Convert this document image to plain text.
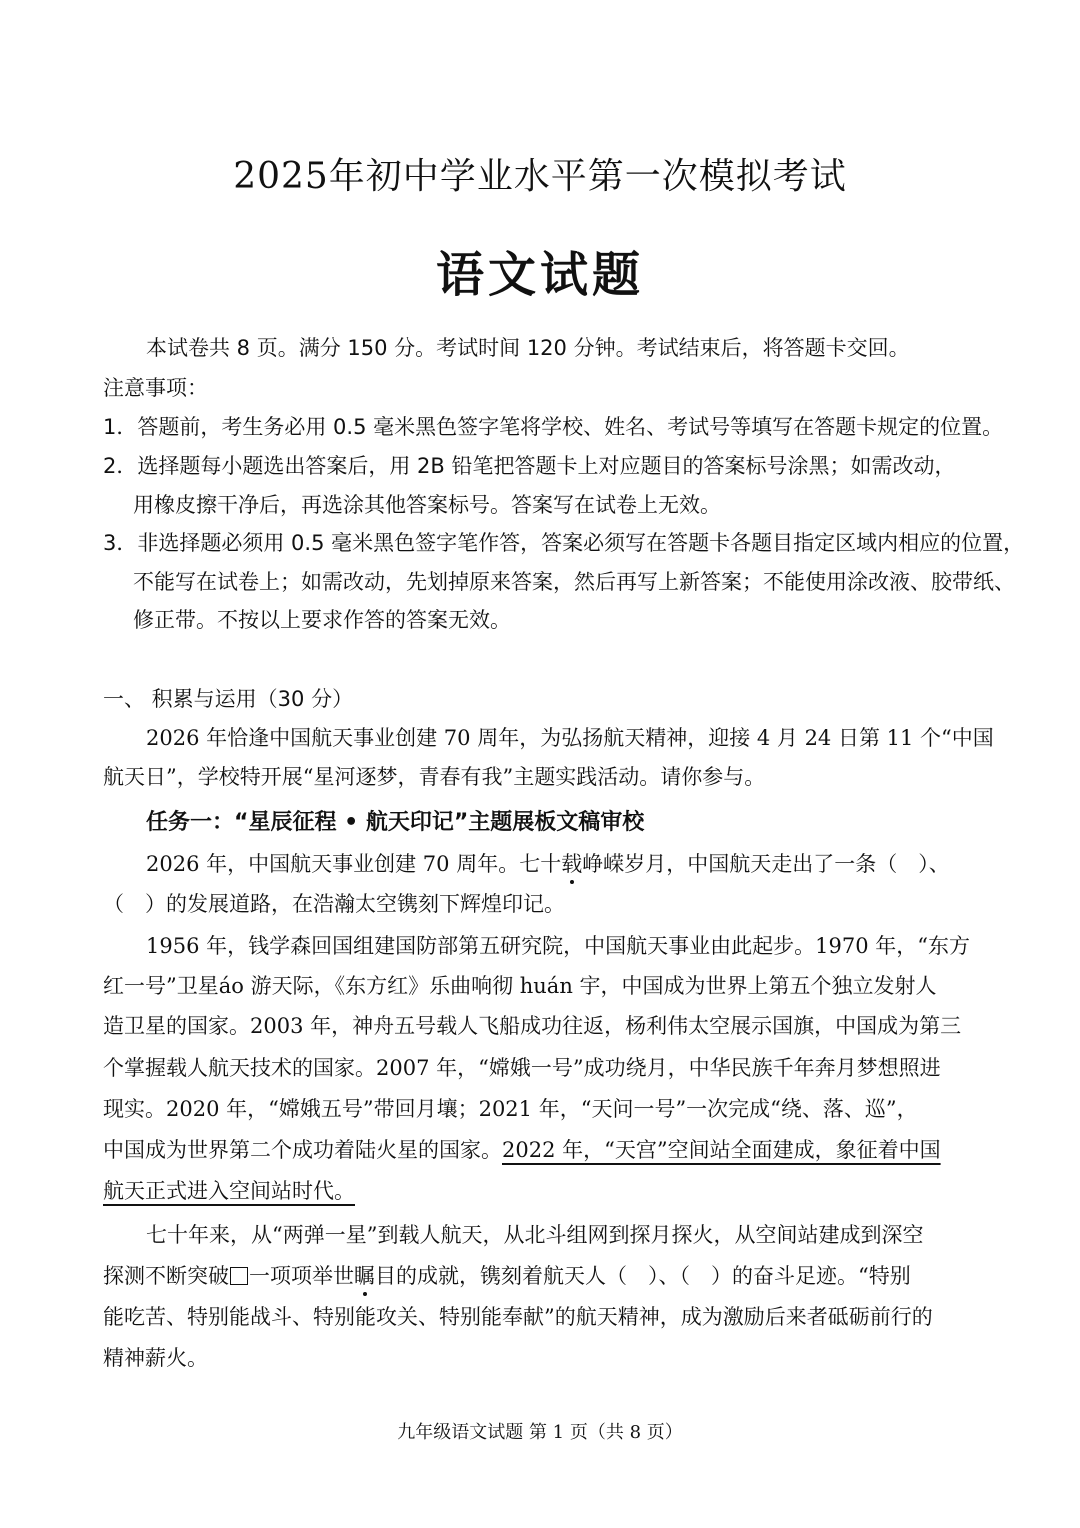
2025年初中学业水平第一次模拟考试
语文试题
本试卷共 8 页。满分 150 分。考试时间 120 分钟。考试结束后，将答题卡交回。
注意事项：
1．答题前，考生务必用 0.5 毫米黑色签字笔将学校、姓名、考试号等填写在答题卡规定的位置。
2．选择题每小题选出答案后，用 2B 铅笔把答题卡上对应题目的答案标号涂黑；如需改动，
用橡皮擦干净后，再选涂其他答案标号。答案写在试卷上无效。
3．非选择题必须用 0.5 毫米黑色签字笔作答，答案必须写在答题卡各题目指定区域内相应的位置，
不能写在试卷上；如需改动，先划掉原来答案，然后再写上新答案；不能使用涂改液、胶带纸、
修正带。不按以上要求作答的答案无效。
一、 积累与运用（30 分）
2026 年恰逢中国航天事业创建 70 周年，为弘扬航天精神，迎接 4 月 24 日第 11 个“中国
航天日”，学校特开展“星河逐梦，青春有我”主题实践活动。请你参与。
任务一：“星辰征程 • 航天印记”主题展板文稿审校
2026 年，中国航天事业创建 70 周年。七十载峥嵘岁月，中国航天走出了一条（　）、
（　）的发展道路，在浩瀚太空镌刻下辉煌印记。
1956 年，钱学森回国组建国防部第五研究院，中国航天事业由此起步。1970 年，“东方
红一号”卫星áo 游天际，《东方红》乐曲响彻 huán 宇，中国成为世界上第五个独立发射人
造卫星的国家。2003 年，神舟五号载人飞船成功往返，杨利伟太空展示国旗，中国成为第三
个掌握载人航天技术的国家。2007 年，“嫦娥一号”成功绕月，中华民族千年奔月梦想照进
现实。2020 年，“嫦娥五号”带回月壤；2021 年，“天问一号”一次完成“绕、落、巡”，
中国成为世界第二个成功着陆火星的国家。2022 年，“天宫”空间站全面建成，象征着中国
航天正式进入空间站时代。
七十年来，从“两弹一星”到载人航天，从北斗组网到探月探火，从空间站建成到深空
探测不断突破 一项项举世瞩目的成就，镌刻着航天人（　）、（　）的奋斗足迹。“特别
能吃苦、特别能战斗、特别能攻关、特别能奉献”的航天精神，成为激励后来者砥砺前行的
精神薪火。
九年级语文试题 第 1 页（共 8 页）
